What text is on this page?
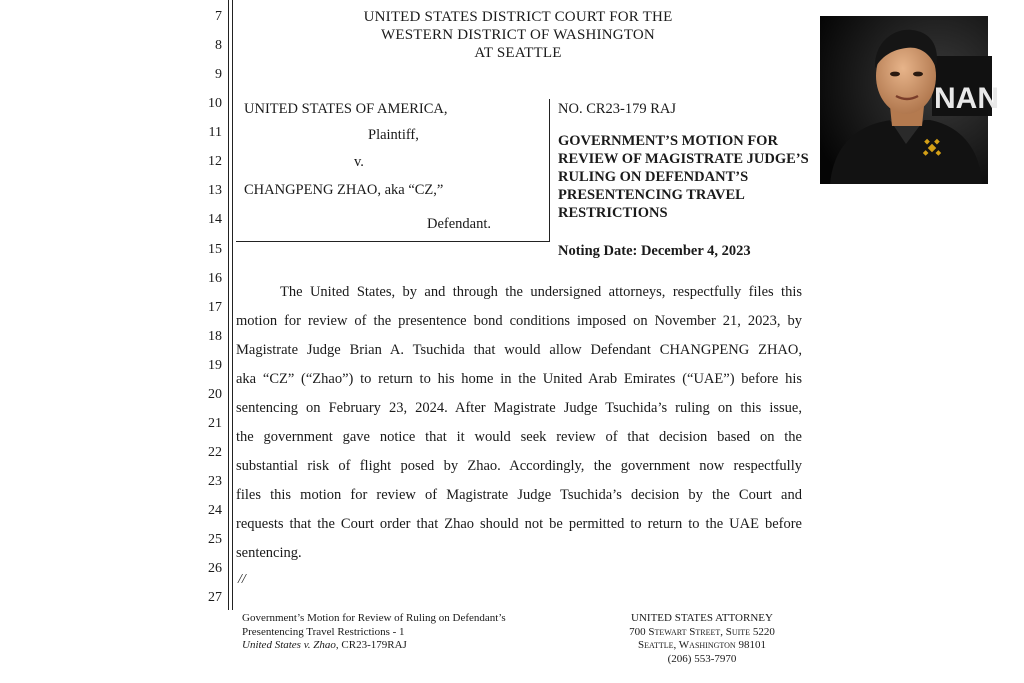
7
8
9
10
11
12
13
14
15
16
17
18
19
20
21
22
23
24
25
26
27
UNITED STATES DISTRICT COURT FOR THE
WESTERN DISTRICT OF WASHINGTON
AT SEATTLE
UNITED STATES OF AMERICA,
Plaintiff,
v.
CHANGPENG ZHAO, aka “CZ,”
Defendant.
NO. CR23-179 RAJ
GOVERNMENT’S MOTION FOR
REVIEW OF MAGISTRATE JUDGE’S
RULING ON DEFENDANT’S
PRESENTENCING TRAVEL
RESTRICTIONS
Noting Date: December 4, 2023
The United States, by and through the undersigned attorneys, respectfully files this
motion for review of the presentence bond conditions imposed on November 21, 2023, by
Magistrate Judge Brian A. Tsuchida that would allow Defendant CHANGPENG ZHAO,
aka “CZ” (“Zhao”) to return to his home in the United Arab Emirates (“UAE”) before his
sentencing on February 23, 2024. After Magistrate Judge Tsuchida’s ruling on this issue,
the government gave notice that it would seek review of that decision based on the
substantial risk of flight posed by Zhao. Accordingly, the government now respectfully
files this motion for review of Magistrate Judge Tsuchida’s decision by the Court and
requests that the Court order that Zhao should not be permitted to return to the UAE before
sentencing.
//
Government’s Motion for Review of Ruling on Defendant’s
Presentencing Travel Restrictions - 1
United States v. Zhao, CR23-179RAJ
UNITED STATES ATTORNEY
700 Stewart Street, Suite 5220
Seattle, Washington 98101
(206) 553-7970
NAN
